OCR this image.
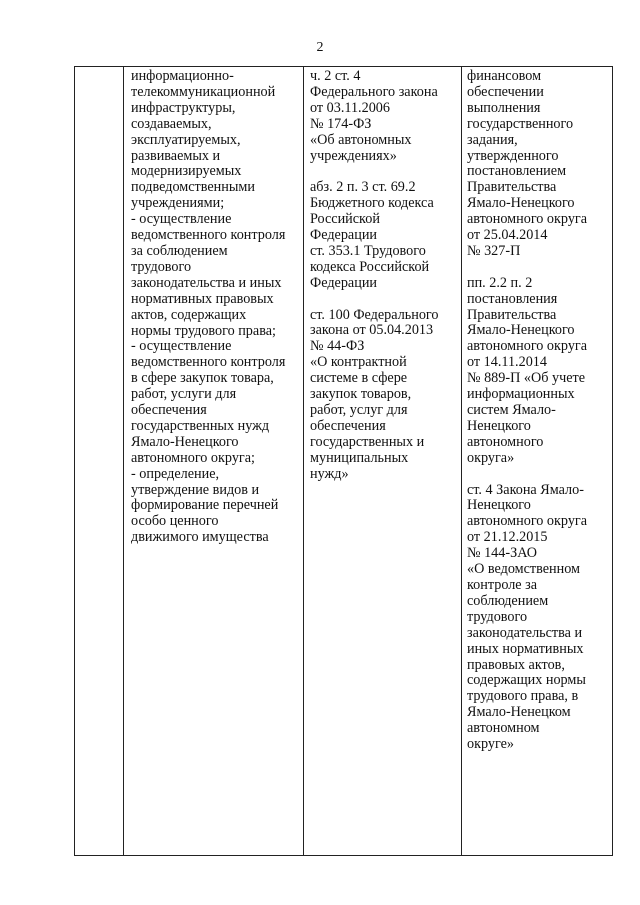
2
информационно-
телекоммуникационной
инфраструктуры,
создаваемых,
эксплуатируемых,
развиваемых и
модернизируемых
подведомственными
учреждениями;
- осуществление
ведомственного контроля
за соблюдением
трудового
законодательства и иных
нормативных правовых
актов, содержащих
нормы трудового права;
- осуществление
ведомственного контроля
в сфере закупок товара,
работ, услуги для
обеспечения
государственных нужд
Ямало-Ненецкого
автономного округа;
- определение,
утверждение видов и
формирование перечней
особо ценного
движимого имущества
ч. 2 ст. 4
Федерального закона
от 03.11.2006
№ 174-ФЗ
«Об автономных
учреждениях»
абз. 2 п. 3 ст. 69.2
Бюджетного кодекса
Российской
Федерации
ст. 353.1 Трудового
кодекса Российской
Федерации
ст. 100 Федерального
закона от 05.04.2013
№ 44-ФЗ
«О контрактной
системе в сфере
закупок товаров,
работ, услуг для
обеспечения
государственных и
муниципальных
нужд»
финансовом
обеспечении
выполнения
государственного
задания,
утвержденного
постановлением
Правительства
Ямало-Ненецкого
автономного округа
от 25.04.2014
№ 327-П
пп. 2.2 п. 2
постановления
Правительства
Ямало-Ненецкого
автономного округа
от 14.11.2014
№ 889-П «Об учете
информационных
систем Ямало-
Ненецкого
автономного
округа»
ст. 4 Закона Ямало-
Ненецкого
автономного округа
от 21.12.2015
№ 144-ЗАО
«О ведомственном
контроле за
соблюдением
трудового
законодательства и
иных нормативных
правовых актов,
содержащих нормы
трудового права, в
Ямало-Ненецком
автономном
округе»
